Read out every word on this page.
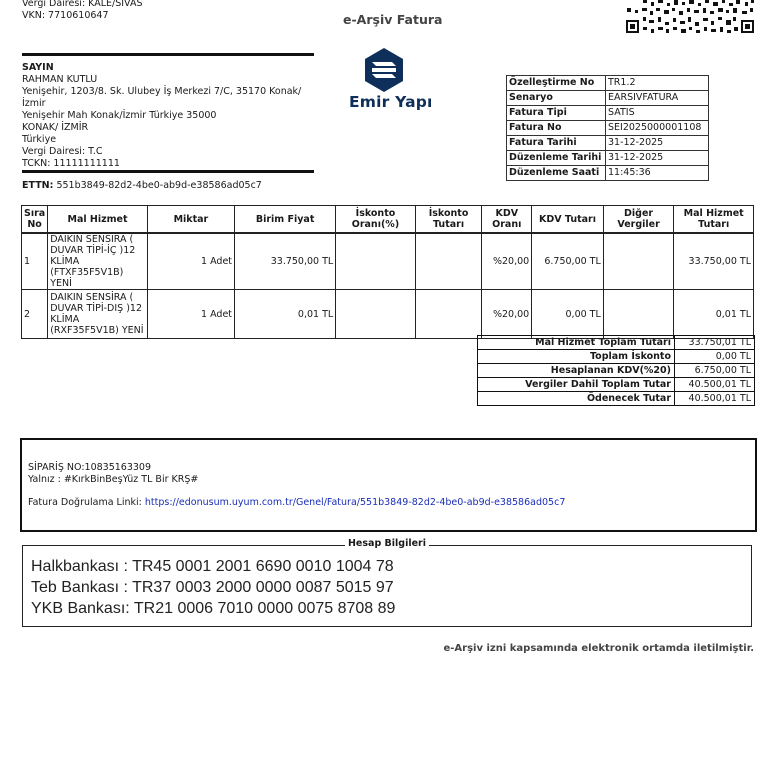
Vergi Dairesi: KALE/SIVAS
VKN: 7710610647	e-Arşiv Fatura
SAYIN
RAHMAN KUTLU
Yenişehir, 1203/8. Sk. Ulubey İş Merkezi 7/C, 35170 Konak/İzmir
Yenişehir Mah Konak/İzmir Türkiye 35000
KONAK/ İZMİR
Türkiye
Vergi Dairesi: T.C
TCKN: 11111111111
ETTN: 551b3849-82d2-4be0-ab9d-e38586ad05c7
Emir Yapı
Özelleştirme No	TR1.2
Senaryo	EARSIVFATURA
Fatura Tipi	SATIS
Fatura No	SEI2025000001108
Fatura Tarihi	31-12-2025
Düzenleme Tarihi	31-12-2025
Düzenleme Saati	11:45:36
Sıra No	Mal Hizmet	Miktar	Birim Fiyat	İskonto Oranı(%)	İskonto Tutarı	KDV Oranı	KDV Tutarı	Diğer Vergiler	Mal Hizmet Tutarı
1	DAIKIN SENSİRA ( DUVAR TİPİ-İÇ )12 KLİMA (FTXF35F5V1B) YENİ	1 Adet	33.750,00 TL			%20,00	6.750,00 TL		33.750,00 TL
2	DAIKIN SENSİRA ( DUVAR TİPİ-DIŞ )12 KLİMA (RXF35F5V1B) YENİ	1 Adet	0,01 TL			%20,00	0,00 TL		0,01 TL
Mal Hizmet Toplam Tutarı	33.750,01 TL
Toplam İskonto	0,00 TL
Hesaplanan KDV(%20)	6.750,00 TL
Vergiler Dahil Toplam Tutar	40.500,01 TL
Ödenecek Tutar	40.500,01 TL
SİPARİŞ NO:10835163309
Yalnız : #KırkBinBeşYüz TL Bir KRŞ#
Fatura Doğrulama Linki: https://edonusum.uyum.com.tr/Genel/Fatura/551b3849-82d2-4be0-ab9d-e38586ad05c7
Hesap Bilgileri
Halkbankası : TR45 0001 2001 6690 0010 1004 78
Teb Bankası : TR37 0003 2000 0000 0087 5015 97
YKB Bankası: TR21 0006 7010 0000 0075 8708 89
e-Arşiv izni kapsamında elektronik ortamda iletilmiştir.
